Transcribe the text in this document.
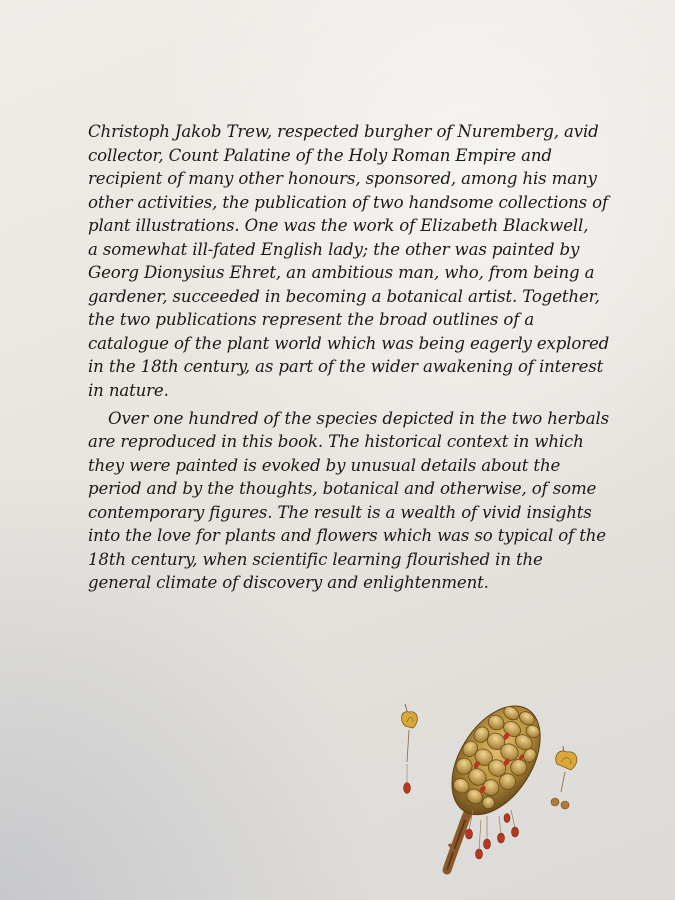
Christoph Jakob Trew, respected burgher of Nuremberg, avid
collector, Count Palatine of the Holy Roman Empire and
recipient of many other honours, sponsored, among his many
other activities, the publication of two handsome collections of
plant illustrations. One was the work of Elizabeth Blackwell,
a somewhat ill-fated English lady; the other was painted by
Georg Dionysius Ehret, an ambitious man, who, from being a
gardener, succeeded in becoming a botanical artist. Together,
the two publications represent the broad outlines of a
catalogue of the plant world which was being eagerly explored
in the 18th century, as part of the wider awakening of interest
in nature.
Over one hundred of the species depicted in the two herbals
are reproduced in this book. The historical context in which
they were painted is evoked by unusual details about the
period and by the thoughts, botanical and otherwise, of some
contemporary figures. The result is a wealth of vivid insights
into the love for plants and flowers which was so typical of the
18th century, when scientific learning flourished in the
general climate of discovery and enlightenment.
